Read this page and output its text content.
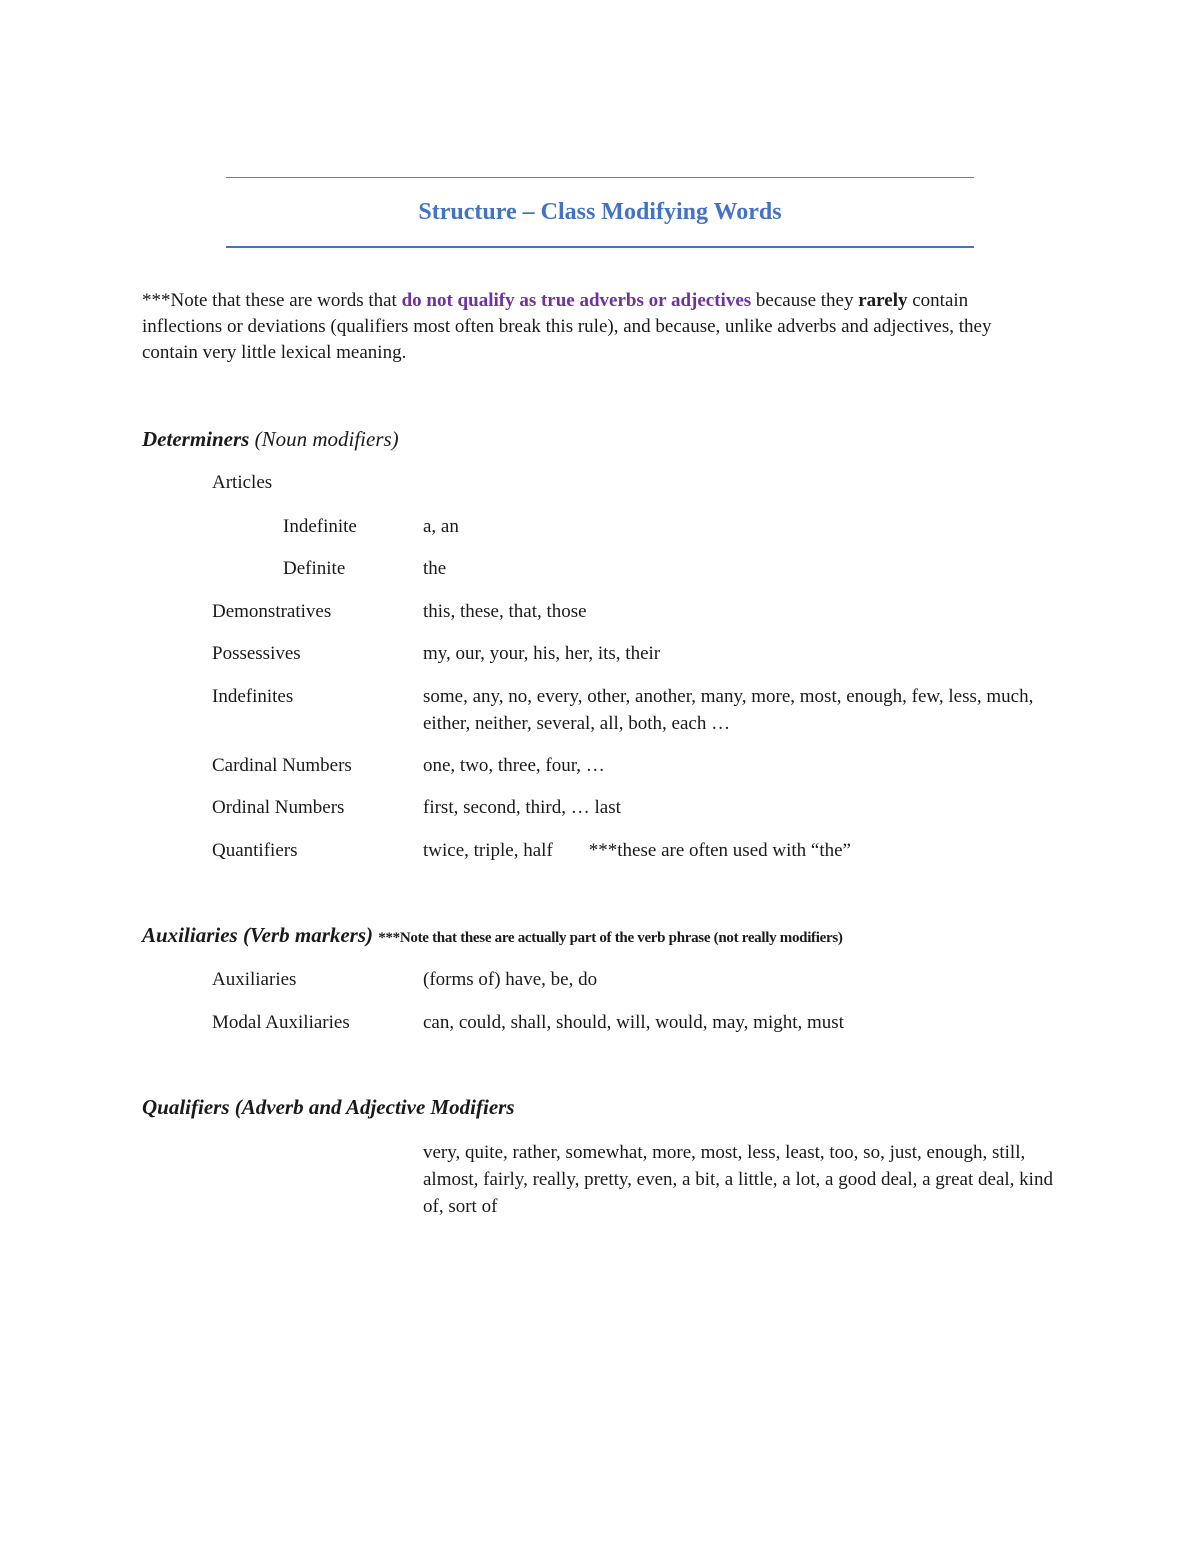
Structure – Class Modifying Words
***Note that these are words that do not qualify as true adverbs or adjectives because they rarely contain inflections or deviations (qualifiers most often break this rule), and because, unlike adverbs and adjectives, they contain very little lexical meaning.
Determiners (Noun modifiers)
Articles
Indefinite	a, an
Definite	the
Demonstratives	this, these, that, those
Possessives	my, our, your, his, her, its, their
Indefinites	some, any, no, every, other, another, many, more, most, enough, few, less, much, either, neither, several, all, both, each …
Cardinal Numbers	one, two, three, four, …
Ordinal Numbers	first, second, third, … last
Quantifiers	twice, triple, half ***these are often used with “the”
Auxiliaries (Verb markers) ***Note that these are actually part of the verb phrase (not really modifiers)
Auxiliaries	(forms of) have, be, do
Modal Auxiliaries	can, could, shall, should, will, would, may, might, must
Qualifiers (Adverb and Adjective Modifiers
very, quite, rather, somewhat, more, most, less, least, too, so, just, enough, still, almost, fairly, really, pretty, even, a bit, a little, a lot, a good deal, a great deal, kind of, sort of
